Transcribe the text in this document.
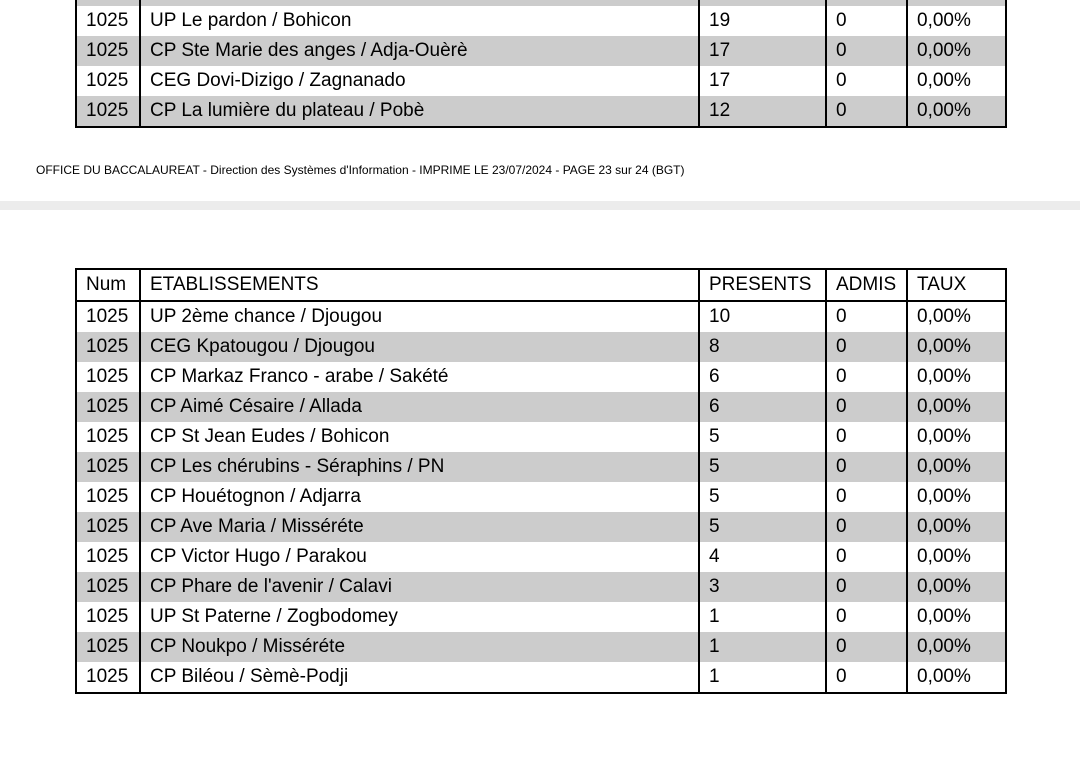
1025	UP Le pardon / Bohicon	19	0	0,00%
1025	CP Ste Marie des anges / Adja-Ouèrè	17	0	0,00%
1025	CEG Dovi-Dizigo / Zagnanado	17	0	0,00%
1025	CP La lumière du plateau / Pobè	12	0	0,00%
OFFICE DU BACCALAUREAT - Direction des Systèmes d'Information - IMPRIME LE 23/07/2024 - PAGE 23 sur 24 (BGT)
Num	ETABLISSEMENTS	PRESENTS	ADMIS	TAUX
1025	UP 2ème chance / Djougou	10	0	0,00%
1025	CEG Kpatougou / Djougou	8	0	0,00%
1025	CP Markaz Franco - arabe / Sakété	6	0	0,00%
1025	CP Aimé Césaire / Allada	6	0	0,00%
1025	CP St Jean Eudes / Bohicon	5	0	0,00%
1025	CP Les chérubins - Séraphins / PN	5	0	0,00%
1025	CP Houétognon / Adjarra	5	0	0,00%
1025	CP Ave Maria / Misséréte	5	0	0,00%
1025	CP Victor Hugo / Parakou	4	0	0,00%
1025	CP Phare de l'avenir / Calavi	3	0	0,00%
1025	UP St Paterne / Zogbodomey	1	0	0,00%
1025	CP Noukpo / Misséréte	1	0	0,00%
1025	CP Biléou / Sèmè-Podji	1	0	0,00%
